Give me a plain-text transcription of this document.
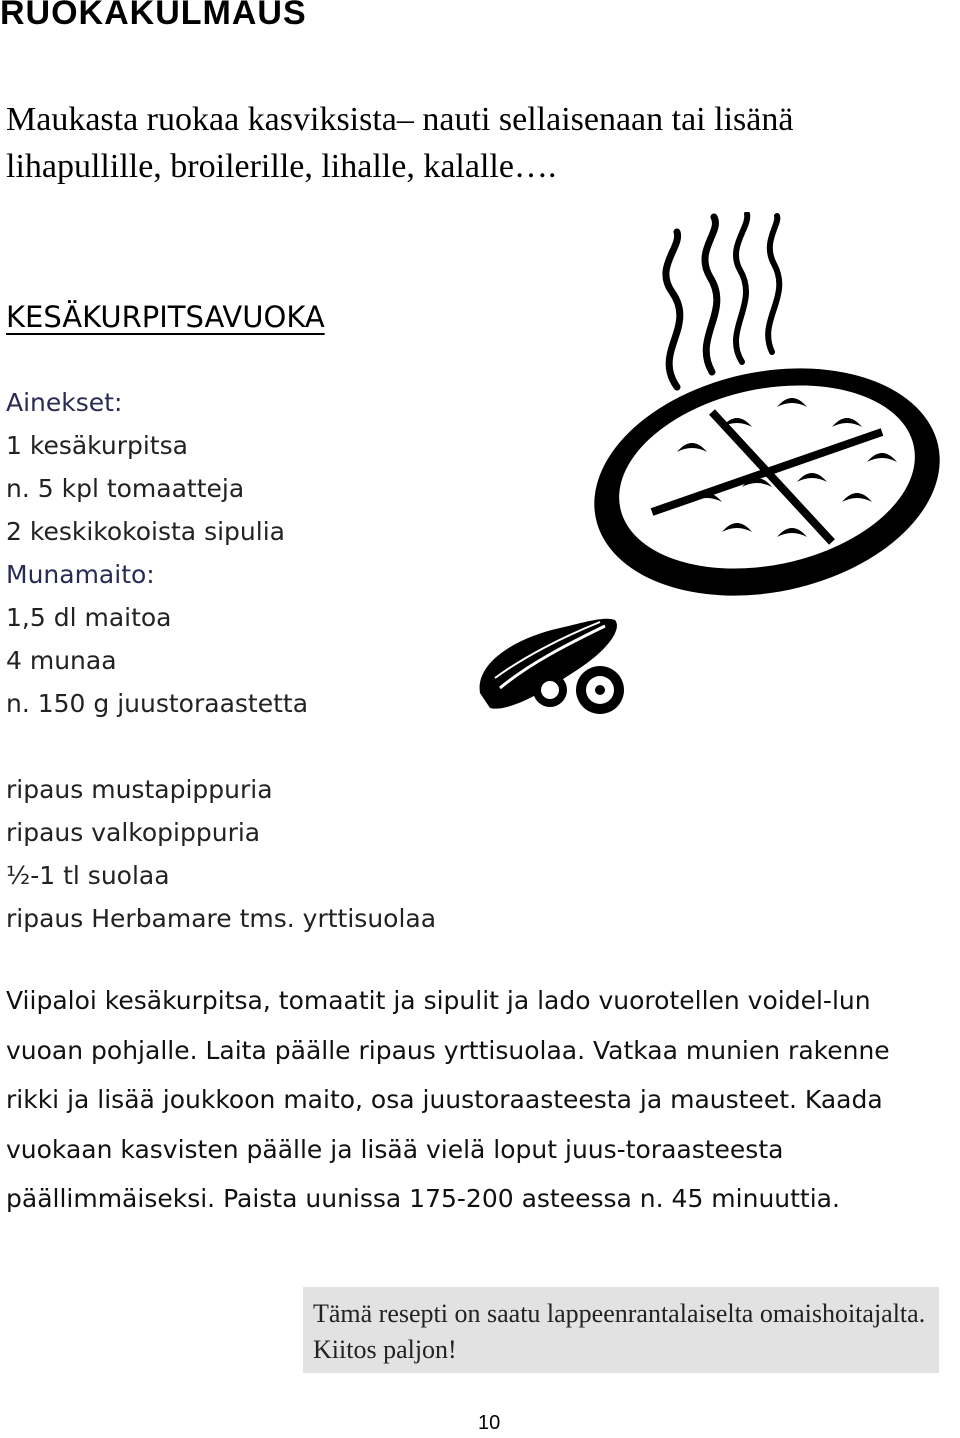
RUOKAKULMAUS
Maukasta ruokaa kasviksista– nauti sellaisenaan tai lisänä lihapullille, broilerille, lihalle, kalalle….
KESÄKURPITSAVUOKA
Ainekset:
1 kesäkurpitsa
n. 5 kpl tomaatteja
2 keskikokoista sipulia
Munamaito:
1,5 dl maitoa
4 munaa
n. 150 g juustoraastetta
ripaus mustapippuria
ripaus valkopippuria
½-1 tl suolaa
ripaus Herbamare tms. yrttisuolaa
Viipaloi kesäkurpitsa, tomaatit ja sipulit ja lado vuorotellen voidel-lun vuoan pohjalle. Laita päälle ripaus yrttisuolaa. Vatkaa munien rakenne rikki ja lisää joukkoon maito, osa juustoraasteesta ja mausteet. Kaada vuokaan kasvisten päälle ja lisää vielä loput juus-toraasteesta päällimmäiseksi. Paista uunissa 175-200 asteessa n. 45 minuuttia.
Tämä resepti on saatu lappeenrantalaiselta omaishoitajalta. Kiitos paljon!
10
